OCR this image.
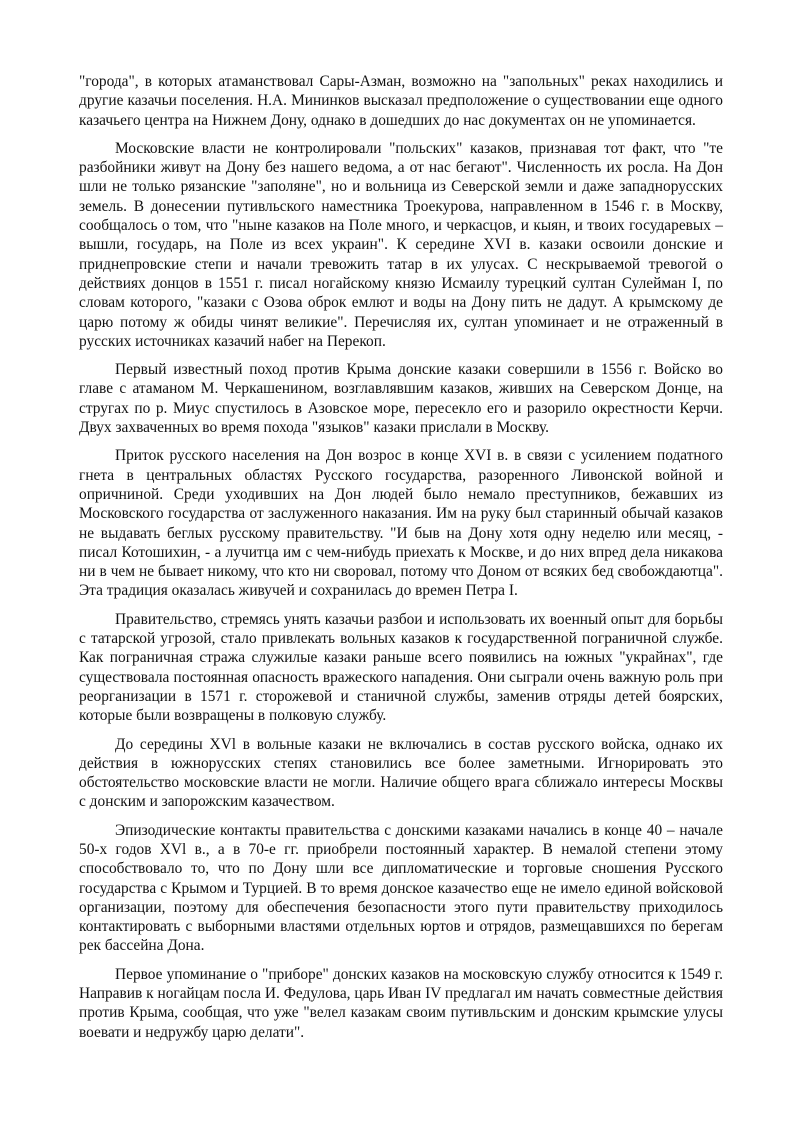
"города", в которых атаманствовал Сары-Азман, возможно на "запольных" реках находились и другие казачьи поселения. Н.А. Мининков высказал предположение о существовании еще одного казачьего центра на Нижнем Дону, однако в дошедших до нас документах он не упоминается.

Московские власти не контролировали "польских" казаков, признавая тот факт, что "те разбойники живут на Дону без нашего ведома, а от нас бегают". Численность их росла. На Дон шли не только рязанские "заполяне", но и вольница из Северской земли и даже западнорусских земель. В донесении путивльского наместника Троекурова, направленном в 1546 г. в Москву, сообщалось о том, что "ныне казаков на Поле много, и черкасцов, и кыян, и твоих государевых – вышли, государь, на Поле из всех украин". К середине XVI в. казаки освоили донские и приднепровские степи и начали тревожить татар в их улусах. С нескрываемой тревогой о действиях донцов в 1551 г. писал ногайскому князю Исмаилу турецкий султан Сулейман I, по словам которого, "казаки с Озова оброк емлют и воды на Дону пить не дадут. А крымскому де царю потому ж обиды чинят великие". Перечисляя их, султан упоминает и не отраженный в русских источниках казачий набег на Перекоп.

Первый известный поход против Крыма донские казаки совершили в 1556 г. Войско во главе с атаманом М. Черкашенином, возглавлявшим казаков, живших на Северском Донце, на стругах по р. Миус спустилось в Азовское море, пересекло его и разорило окрестности Керчи. Двух захваченных во время похода "языков" казаки прислали в Москву.

Приток русского населения на Дон возрос в конце XVI в. в связи с усилением податного гнета в центральных областях Русского государства, разоренного Ливонской войной и опричниной. Среди уходивших на Дон людей было немало преступников, бежавших из Московского государства от заслуженного наказания. Им на руку был старинный обычай казаков не выдавать беглых русскому правительству. "И быв на Дону хотя одну неделю или месяц, - писал Котошихин, - а лучитца им с чем-нибудь приехать к Москве, и до них впред дела никакова ни в чем не бывает никому, что кто ни своровал, потому что Доном от всяких бед свобождаютца". Эта традиция оказалась живучей и сохранилась до времен Петра I.

Правительство, стремясь унять казачьи разбои и использовать их военный опыт для борьбы с татарской угрозой, стало привлекать вольных казаков к государственной пограничной службе. Как пограничная стража служилые казаки раньше всего появились на южных "украйнах", где существовала постоянная опасность вражеского нападения. Они сыграли очень важную роль при реорганизации в 1571 г. сторожевой и станичной службы, заменив отряды детей боярских, которые были возвращены в полковую службу.

До середины XVl в вольные казаки не включались в состав русского войска, однако их действия в южнорусских степях становились все более заметными. Игнорировать это обстоятельство московские власти не могли. Наличие общего врага сближало интересы Москвы с донским и запорожским казачеством.

Эпизодические контакты правительства с донскими казаками начались в конце 40 – начале 50-х годов XVl в., а в 70-е гг. приобрели постоянный характер. В немалой степени этому способствовало то, что по Дону шли все дипломатические и торговые сношения Русского государства с Крымом и Турцией. В то время донское казачество еще не имело единой войсковой организации, поэтому для обеспечения безопасности этого пути правительству приходилось контактировать с выборными властями отдельных юртов и отрядов, размещавшихся по берегам рек бассейна Дона.

Первое упоминание о "приборе" донских казаков на московскую службу относится к 1549 г. Направив к ногайцам посла И. Федулова, царь Иван IV предлагал им начать совместные действия против Крыма, сообщая, что уже "велел казакам своим путивльским и донским крымские улусы воевати и недружбу царю делати".
